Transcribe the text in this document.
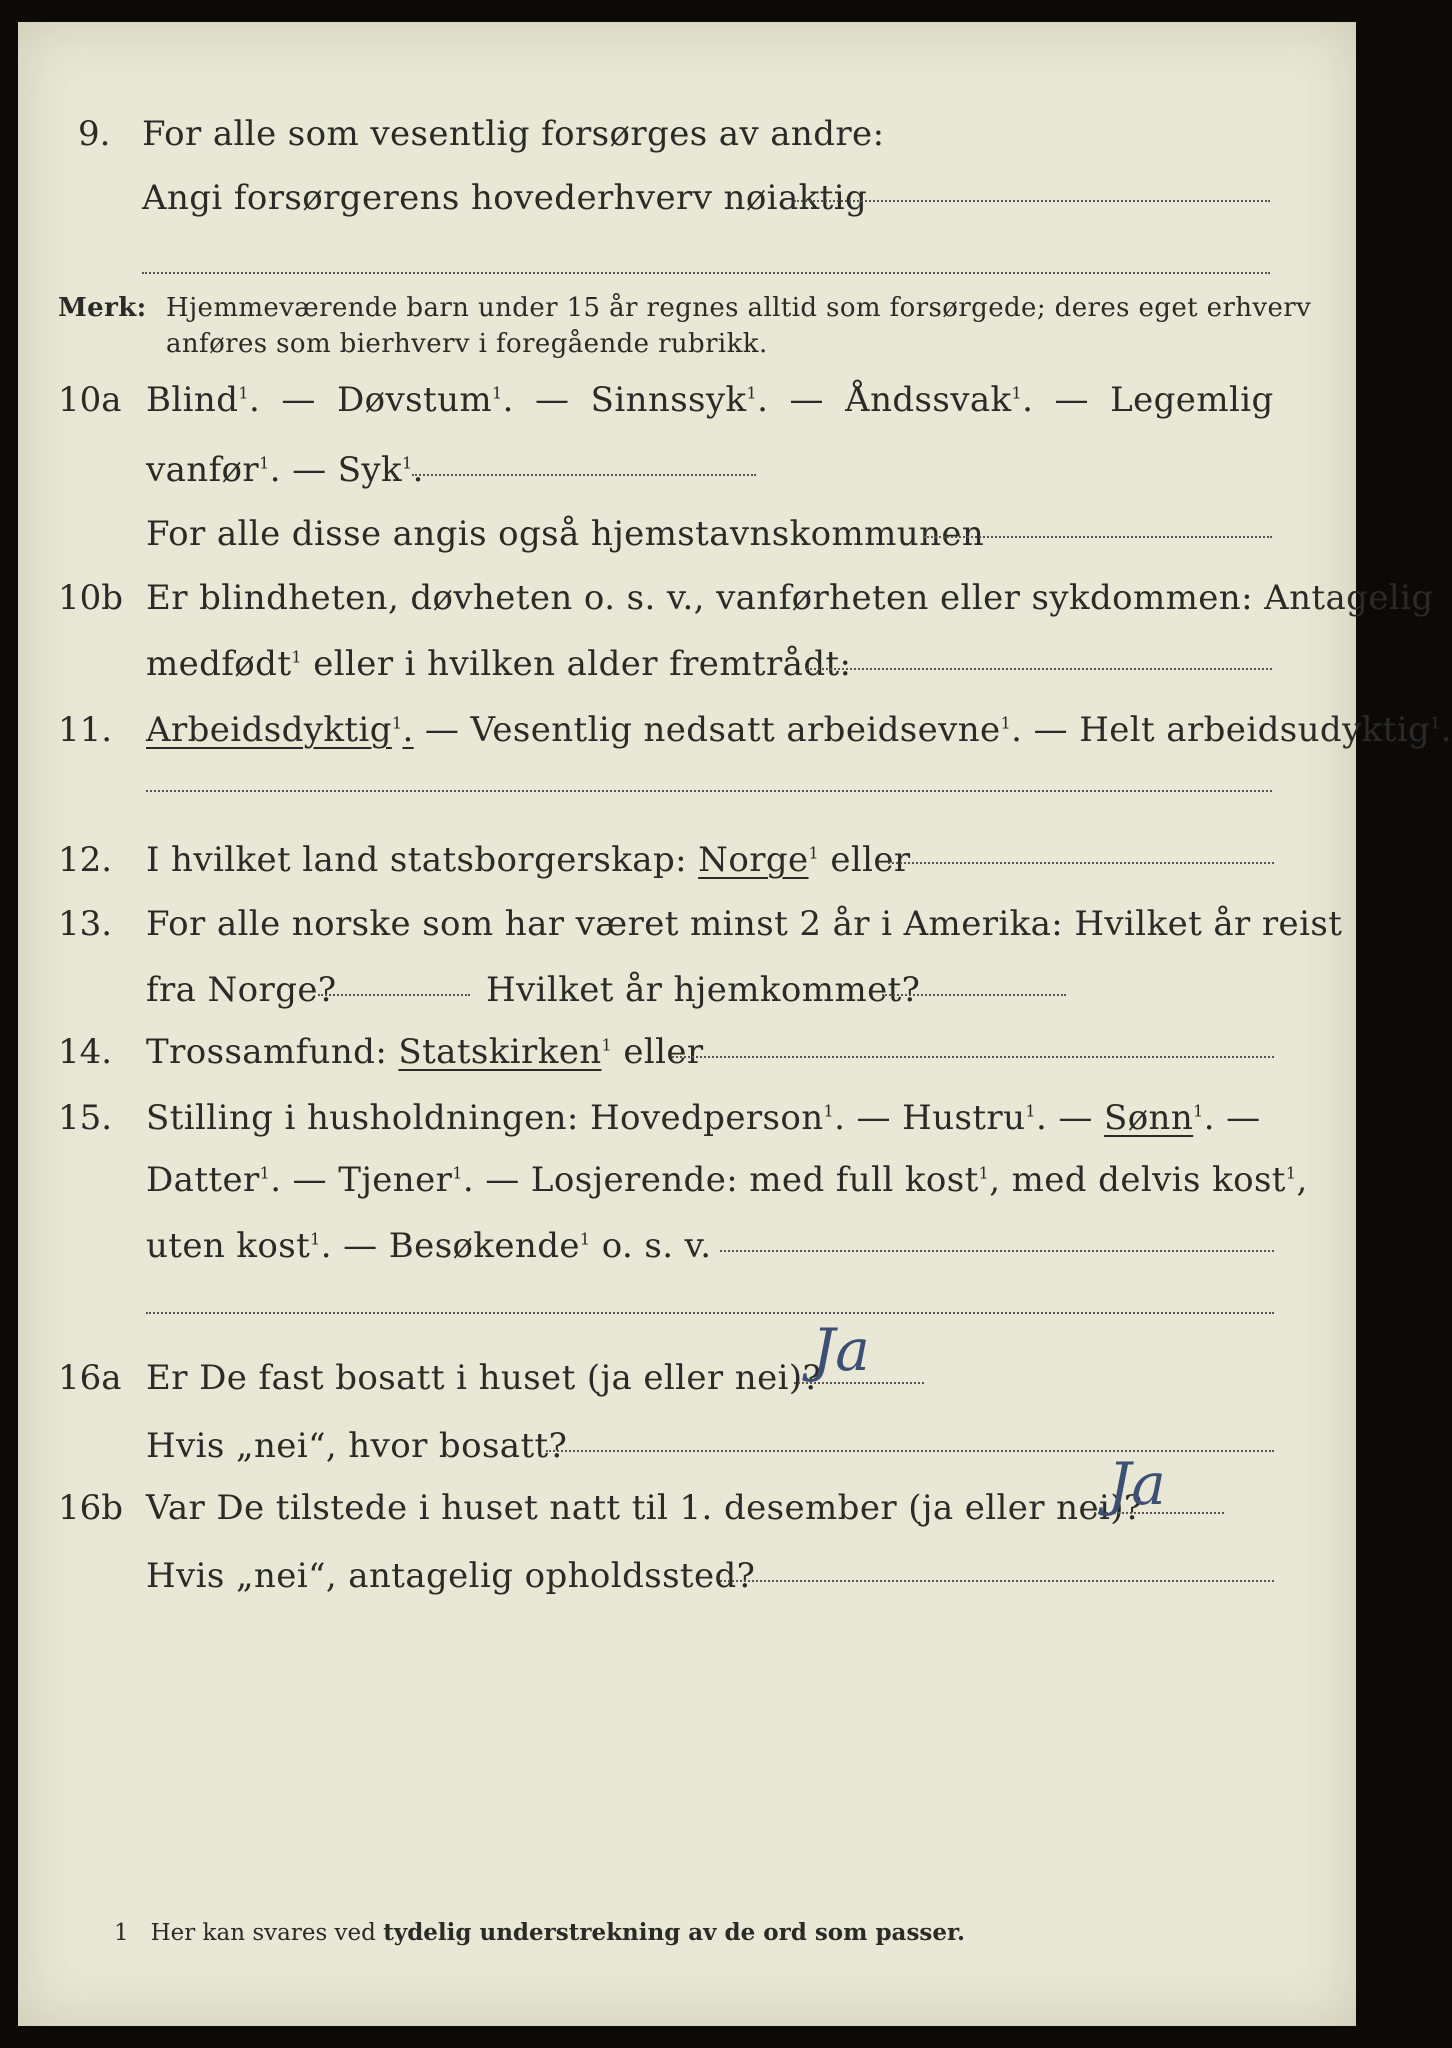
9. For alle som vesentlig forsørges av andre:
Angi forsørgerens hovederhverv nøiaktig
Merk: Hjemmeværende barn under 15 år regnes alltid som forsørgede; deres eget erhverv
anføres som bierhverv i foregående rubrikk.
10a Blind$^1$. — Døvstum$^1$. — Sinnssyk$^1$. — Åndssvak$^1$. — Legemlig
vanfør$^1$. — Syk$^1$.
For alle disse angis også hjemstavnskommunen
10b Er blindheten, døvheten o. s. v., vanførheten eller sykdommen: Antagelig
medfødt$^1$ eller i hvilken alder fremtrådt:
11. Arbeidsdyktig$^1$. — Vesentlig nedsatt arbeidsevne$^1$. — Helt arbeidsudyktig$^1$.
12. I hvilket land statsborgerskap: Norge$^1$ eller
13. For alle norske som har været minst 2 år i Amerika: Hvilket år reist
fra Norge?	Hvilket år hjemkommet?
14. Trossamfund: Statskirken$^1$ eller
15. Stilling i husholdningen: Hovedperson$^1$. — Hustru$^1$. — Sønn$^1$. —
Datter$^1$. — Tjener$^1$. — Losjerende: med full kost$^1$, med delvis kost$^1$,
uten kost$^1$. — Besøkende$^1$ o. s. v.
16a Er De fast bosatt i huset (ja eller nei)?
Ja
Hvis „nei“, hvor bosatt?
16b Var De tilstede i huset natt til 1. desember (ja eller nei)?
Ja
Hvis „nei“, antagelig opholdssted?
1 Her kan svares ved tydelig understrekning av de ord som passer.
